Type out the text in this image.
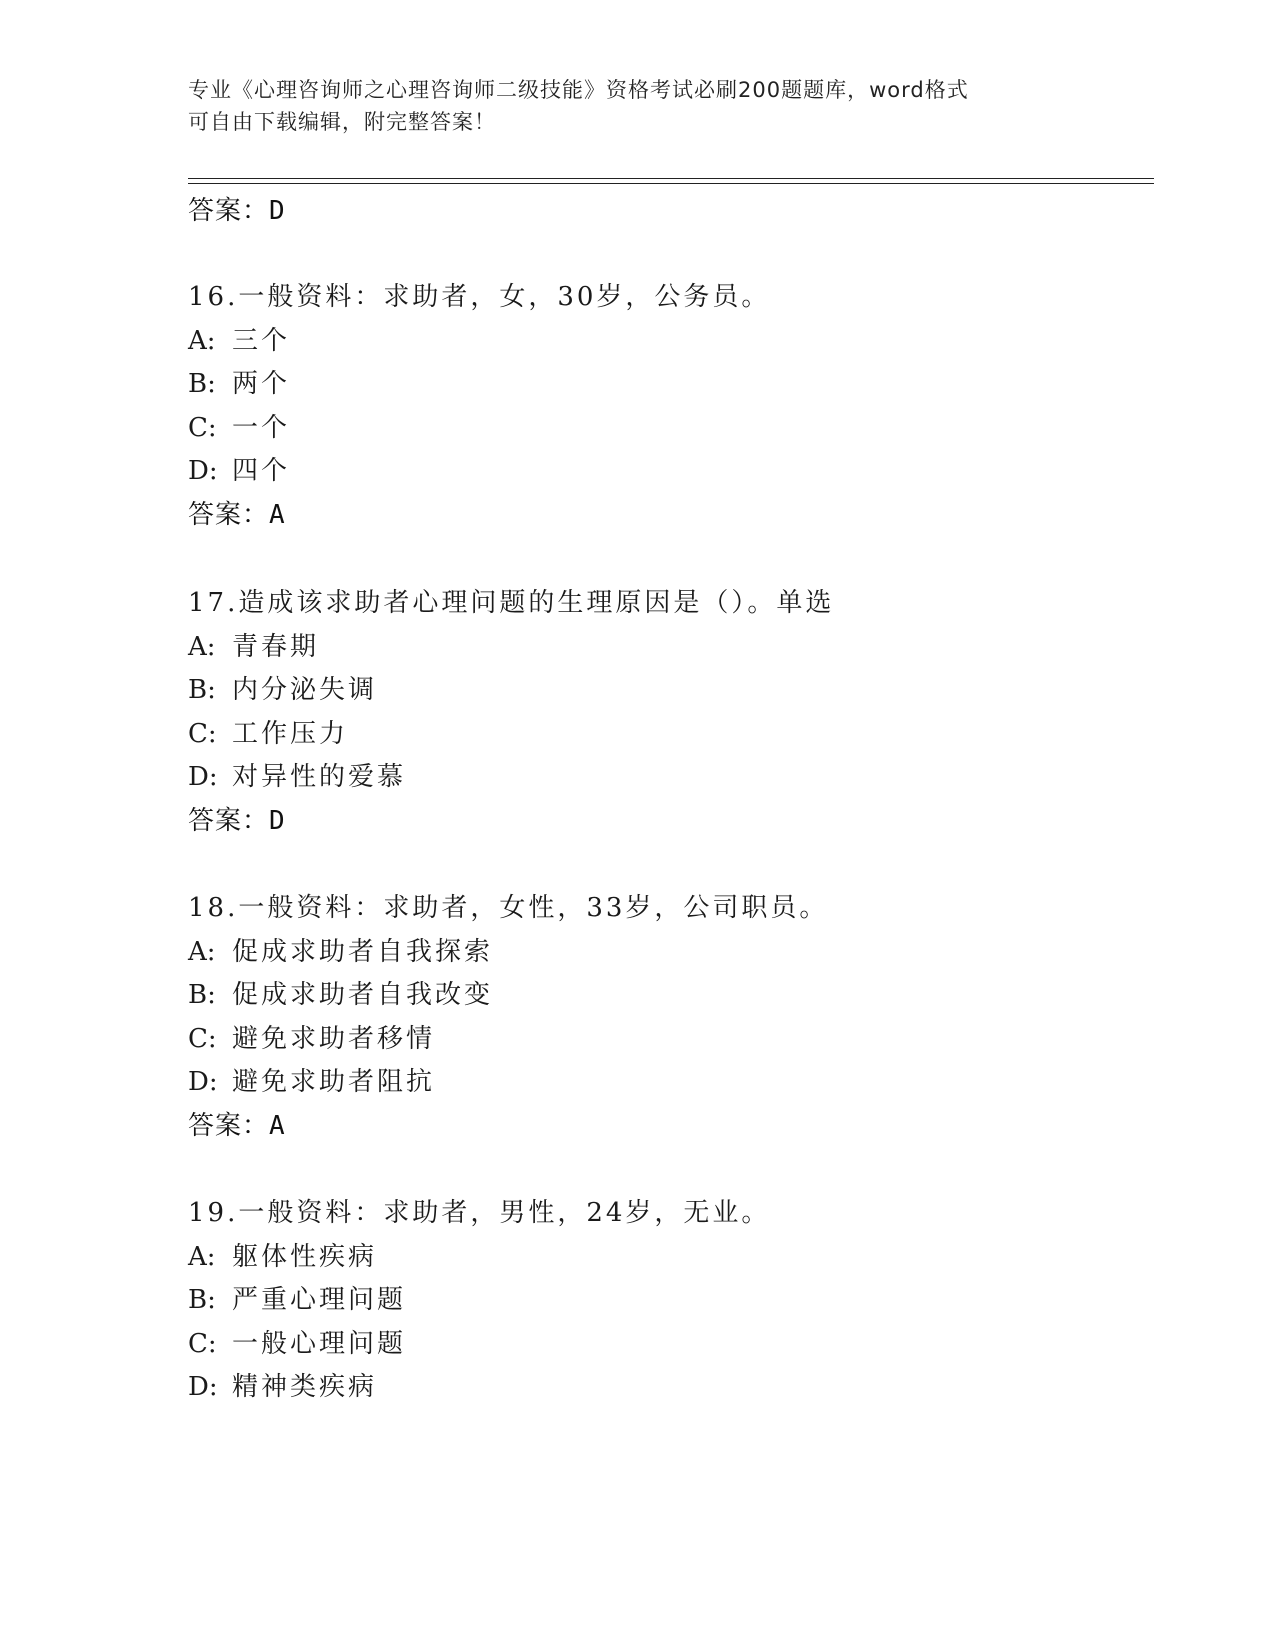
专业《心理咨询师之心理咨询师二级技能》资格考试必刷200题题库，word格式
可自由下载编辑，附完整答案！
答案：D
16.一般资料：求助者，女，30岁，公务员。
A: 三个
B: 两个
C: 一个
D: 四个
答案：A
17.造成该求助者心理问题的生理原因是（）。单选
A: 青春期
B: 内分泌失调
C: 工作压力
D: 对异性的爱慕
答案：D
18.一般资料：求助者，女性，33岁，公司职员。
A: 促成求助者自我探索
B: 促成求助者自我改变
C: 避免求助者移情
D: 避免求助者阻抗
答案：A
19.一般资料：求助者，男性，24岁，无业。
A: 躯体性疾病
B: 严重心理问题
C: 一般心理问题
D: 精神类疾病
